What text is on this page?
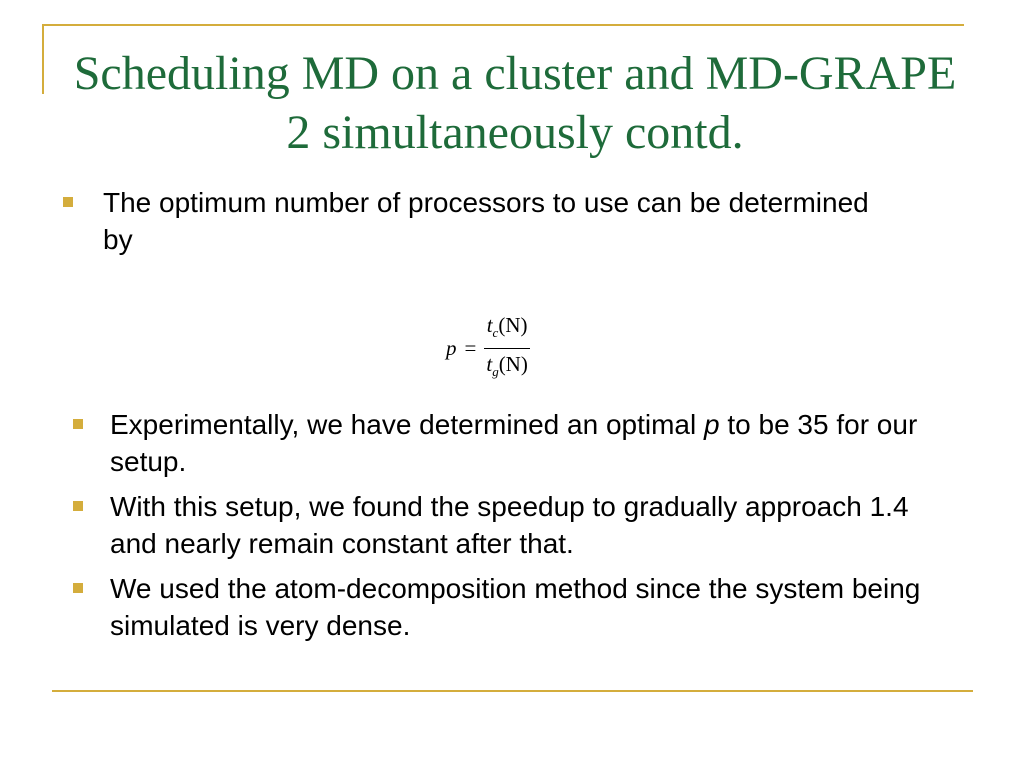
Scheduling MD on a cluster and MD-GRAPE 2 simultaneously contd.
The optimum number of processors to use can be determined by
$p = \frac{t_c(N)}{t_g(N)}$
Experimentally, we have determined an optimal p to be 35 for our setup.
With this setup, we found the speedup to gradually approach 1.4 and nearly remain constant after that.
We used the atom-decomposition method since the system being simulated is very dense.
